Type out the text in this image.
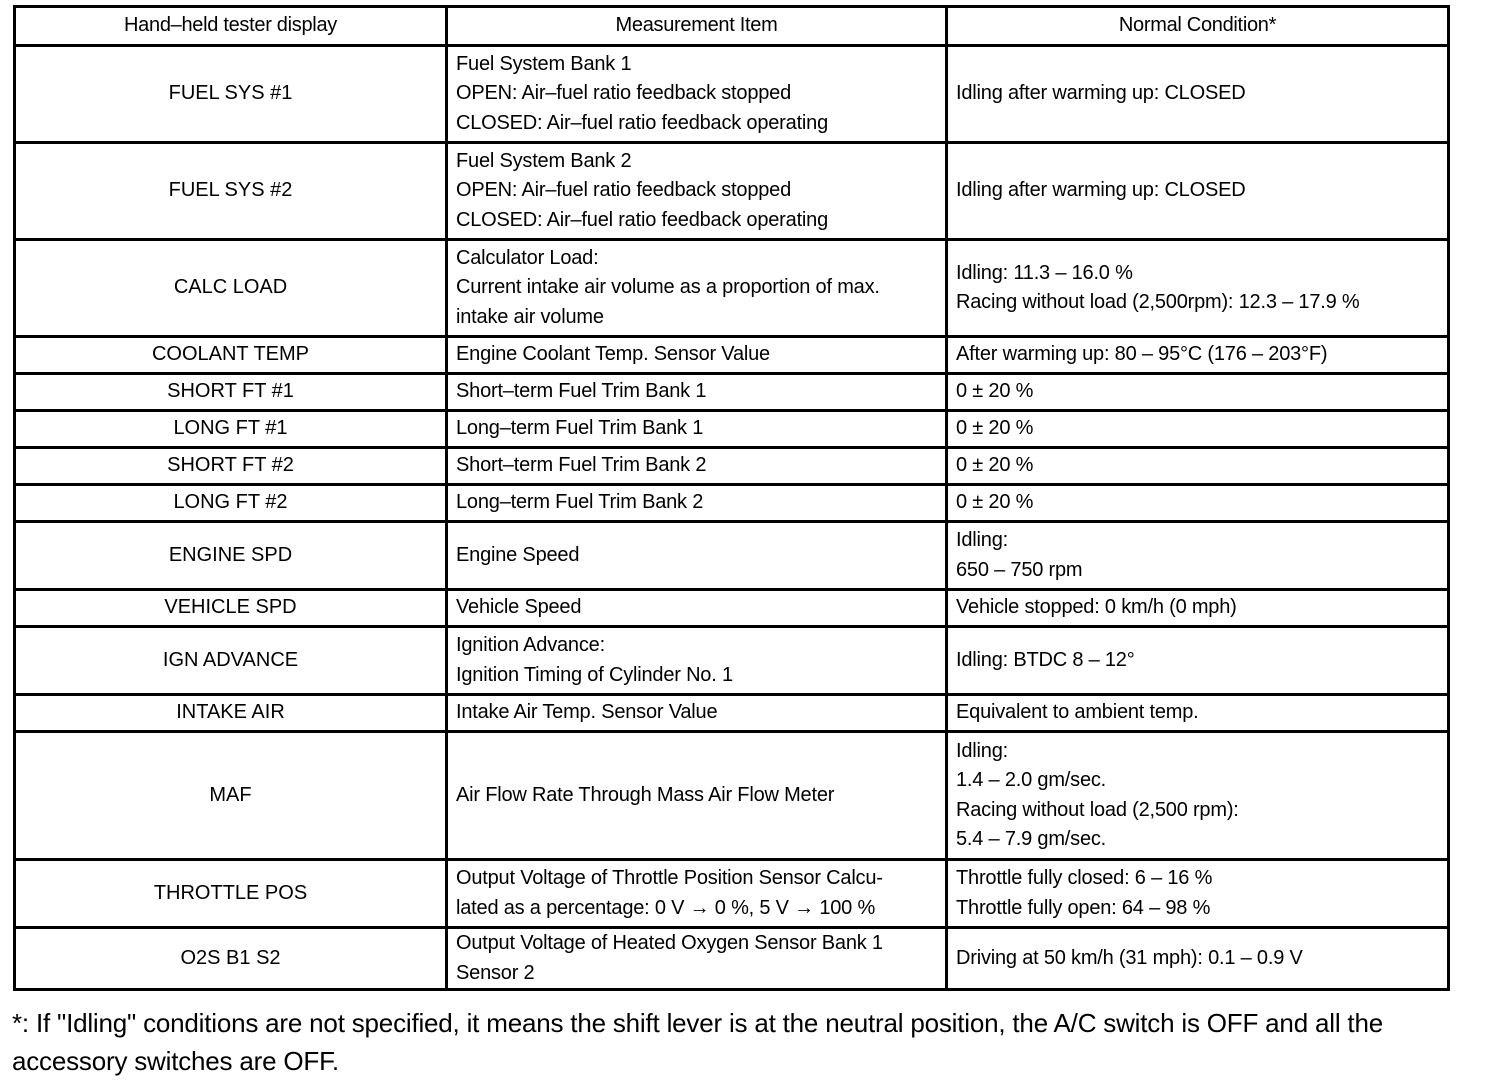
Hand–held tester display	Measurement Item	Normal Condition*
FUEL SYS #1	Fuel System Bank 1
OPEN: Air–fuel ratio feedback stopped
CLOSED: Air–fuel ratio feedback operating	Idling after warming up: CLOSED

FUEL SYS #2	Fuel System Bank 2
OPEN: Air–fuel ratio feedback stopped
CLOSED: Air–fuel ratio feedback operating	Idling after warming up: CLOSED

CALC LOAD	Calculator Load:
Current intake air volume as a proportion of max.
intake air volume	Idling: 11.3 – 16.0 %
Racing without load (2,500rpm): 12.3 – 17.9 %

COOLANT TEMP	Engine Coolant Temp. Sensor Value	After warming up: 80 – 95°C (176 – 203°F)

SHORT FT #1	Short–term Fuel Trim Bank 1	0 ± 20 %

LONG FT #1	Long–term Fuel Trim Bank 1	0 ± 20 %

SHORT FT #2	Short–term Fuel Trim Bank 2	0 ± 20 %

LONG FT #2	Long–term Fuel Trim Bank 2	0 ± 20 %

ENGINE SPD	Engine Speed	Idling:
650 – 750 rpm

VEHICLE SPD	Vehicle Speed	Vehicle stopped: 0 km/h (0 mph)

IGN ADVANCE	Ignition Advance:
Ignition Timing of Cylinder No. 1	Idling: BTDC 8 – 12°

INTAKE AIR	Intake Air Temp. Sensor Value	Equivalent to ambient temp.

MAF	Air Flow Rate Through Mass Air Flow Meter	Idling:
1.4 – 2.0 gm/sec.
Racing without load (2,500 rpm):
5.4 – 7.9 gm/sec.

THROTTLE POS	Output Voltage of Throttle Position Sensor Calcu-
lated as a percentage: 0 V → 0 %, 5 V → 100 %	Throttle fully closed: 6 – 16 %
Throttle fully open: 64 – 98 %

O2S B1 S2	Output Voltage of Heated Oxygen Sensor Bank 1
Sensor 2	Driving at 50 km/h (31 mph): 0.1 – 0.9 V
*: If "Idling" conditions are not specified, it means the shift lever is at the neutral position, the A/C switch is OFF and all the accessory switches are OFF.
